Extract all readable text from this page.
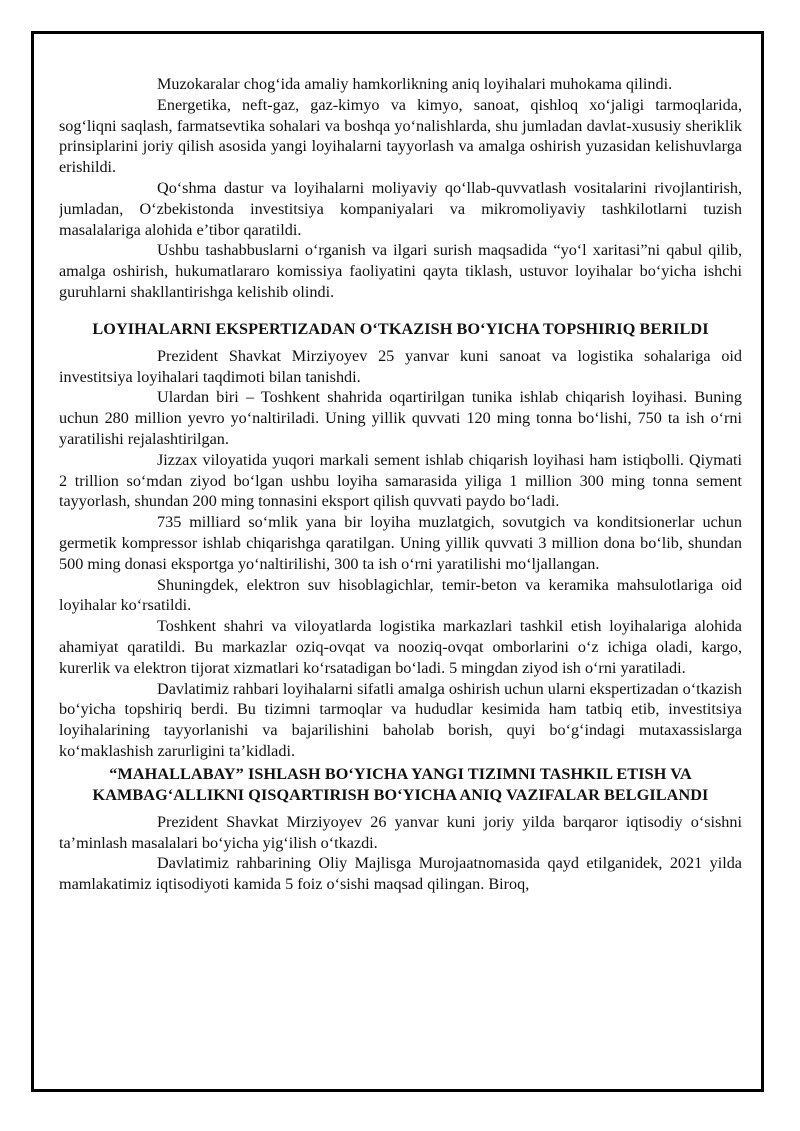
Muzokaralar chog‘ida amaliy hamkorlikning aniq loyihalari muhokama qilindi.

Energetika, neft-gaz, gaz-kimyo va kimyo, sanoat, qishloq xo‘jaligi tarmoqlarida, sog‘liqni saqlash, farmatsevtika sohalari va boshqa yo‘nalishlarda, shu jumladan davlat-xususiy sheriklik prinsiplarini joriy qilish asosida yangi loyihalarni tayyorlash va amalga oshirish yuzasidan kelishuvlarga erishildi.

Qo‘shma dastur va loyihalarni moliyaviy qo‘llab-quvvatlash vositalarini rivojlantirish, jumladan, O‘zbekistonda investitsiya kompaniyalari va mikromoliyaviy tashkilotlarni tuzish masalalariga alohida e’tibor qaratildi.

Ushbu tashabbuslarni o‘rganish va ilgari surish maqsadida “yo‘l xaritasi”ni qabul qilib, amalga oshirish, hukumatlararo komissiya faoliyatini qayta tiklash, ustuvor loyihalar bo‘yicha ishchi guruhlarni shakllantirishga kelishib olindi.

LOYIHALARNI EKSPERTIZADAN O‘TKAZISH BO‘YICHA TOPSHIRIQ BERILDI

Prezident Shavkat Mirziyoyev 25 yanvar kuni sanoat va logistika sohalariga oid investitsiya loyihalari taqdimoti bilan tanishdi.

Ulardan biri – Toshkent shahrida oqartirilgan tunika ishlab chiqarish loyihasi. Buning uchun 280 million yevro yo‘naltiriladi. Uning yillik quvvati 120 ming tonna bo‘lishi, 750 ta ish o‘rni yaratilishi rejalashtirilgan.

Jizzax viloyatida yuqori markali sement ishlab chiqarish loyihasi ham istiqbolli. Qiymati 2 trillion so‘mdan ziyod bo‘lgan ushbu loyiha samarasida yiliga 1 million 300 ming tonna sement tayyorlash, shundan 200 ming tonnasini eksport qilish quvvati paydo bo‘ladi.

735 milliard so‘mlik yana bir loyiha muzlatgich, sovutgich va konditsionerlar uchun germetik kompressor ishlab chiqarishga qaratilgan. Uning yillik quvvati 3 million dona bo‘lib, shundan 500 ming donasi eksportga yo‘naltirilishi, 300 ta ish o‘rni yaratilishi mo‘ljallangan.

Shuningdek, elektron suv hisoblagichlar, temir-beton va keramika mahsulotlariga oid loyihalar ko‘rsatildi.

Toshkent shahri va viloyatlarda logistika markazlari tashkil etish loyihalariga alohida ahamiyat qaratildi. Bu markazlar oziq-ovqat va nooziq-ovqat omborlarini o‘z ichiga oladi, kargo, kurerlik va elektron tijorat xizmatlari ko‘rsatadigan bo‘ladi. 5 mingdan ziyod ish o‘rni yaratiladi.

Davlatimiz rahbari loyihalarni sifatli amalga oshirish uchun ularni ekspertizadan o‘tkazish bo‘yicha topshiriq berdi. Bu tizimni tarmoqlar va hududlar kesimida ham tatbiq etib, investitsiya loyihalarining tayyorlanishi va bajarilishini baholab borish, quyi bo‘g‘indagi mutaxassislarga ko‘maklashish zarurligini ta’kidladi.

“MAHALLABAY” ISHLASH BO‘YICHA YANGI TIZIMNI TASHKIL ETISH VA KAMBAG‘ALLIKNI QISQARTIRISH BO‘YICHA ANIQ VAZIFALAR BELGILANDI

Prezident Shavkat Mirziyoyev 26 yanvar kuni joriy yilda barqaror iqtisodiy o‘sishni ta’minlash masalalari bo‘yicha yig‘ilish o‘tkazdi.

Davlatimiz rahbarining Oliy Majlisga Murojaatnomasida qayd etilganidek, 2021 yilda mamlakatimiz iqtisodiyoti kamida 5 foiz o‘sishi maqsad qilingan. Biroq,
